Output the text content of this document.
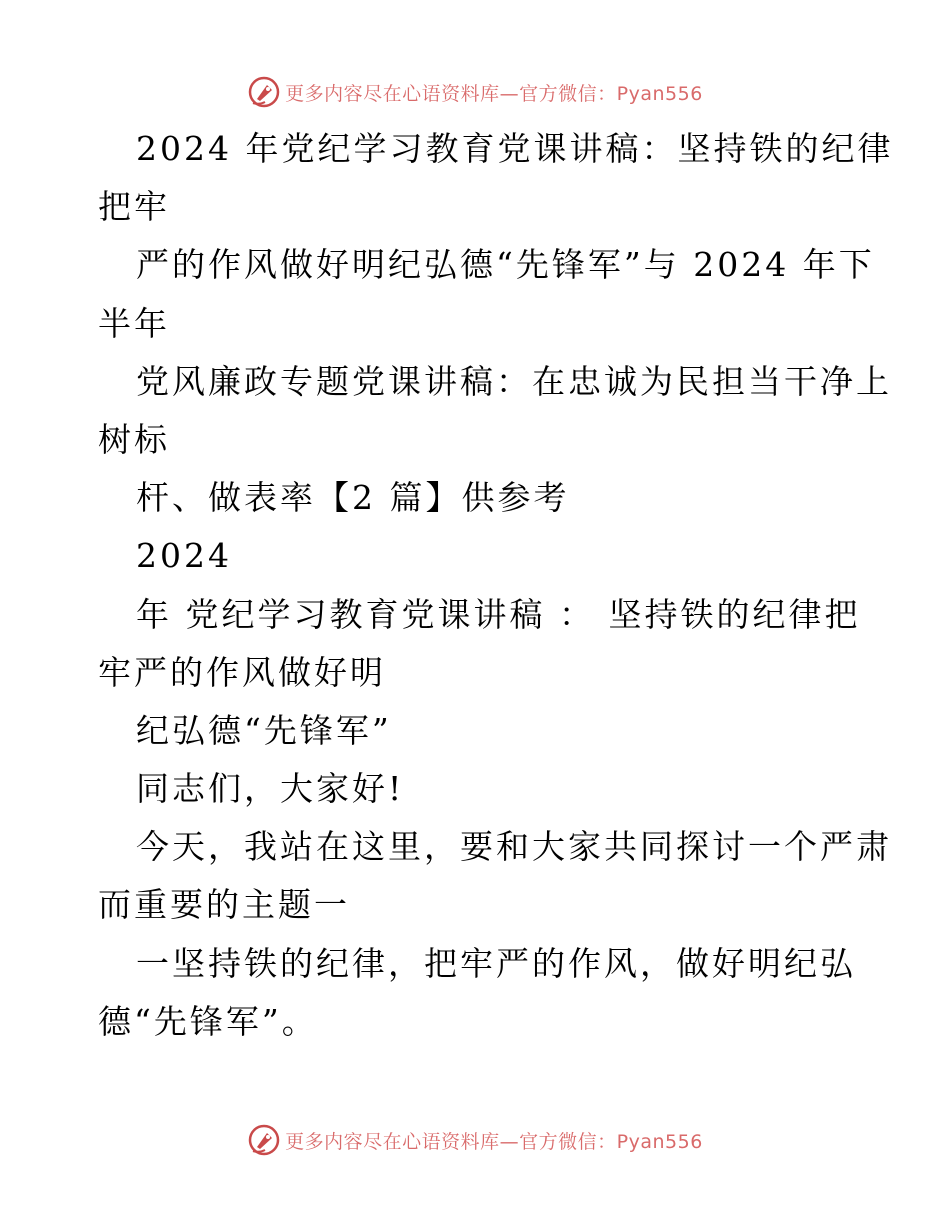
更多内容尽在心语资料库—官方微信：Pyan556
2024 年党纪学习教育党课讲稿：坚持铁的纪律
把牢
严的作风做好明纪弘德“先锋军”与 2024 年下
半年
党风廉政专题党课讲稿：在忠诚为民担当干净上
树标
杆、做表率【2 篇】供参考
2024
年 党纪学习教育党课讲稿 ： 坚持铁的纪律把
牢严的作风做好明
纪弘德“先锋军”
同志们，大家好!
今天，我站在这里，要和大家共同探讨一个严肃
而重要的主题一
一坚持铁的纪律，把牢严的作风，做好明纪弘
德“先锋军”。
更多内容尽在心语资料库—官方微信：Pyan556
